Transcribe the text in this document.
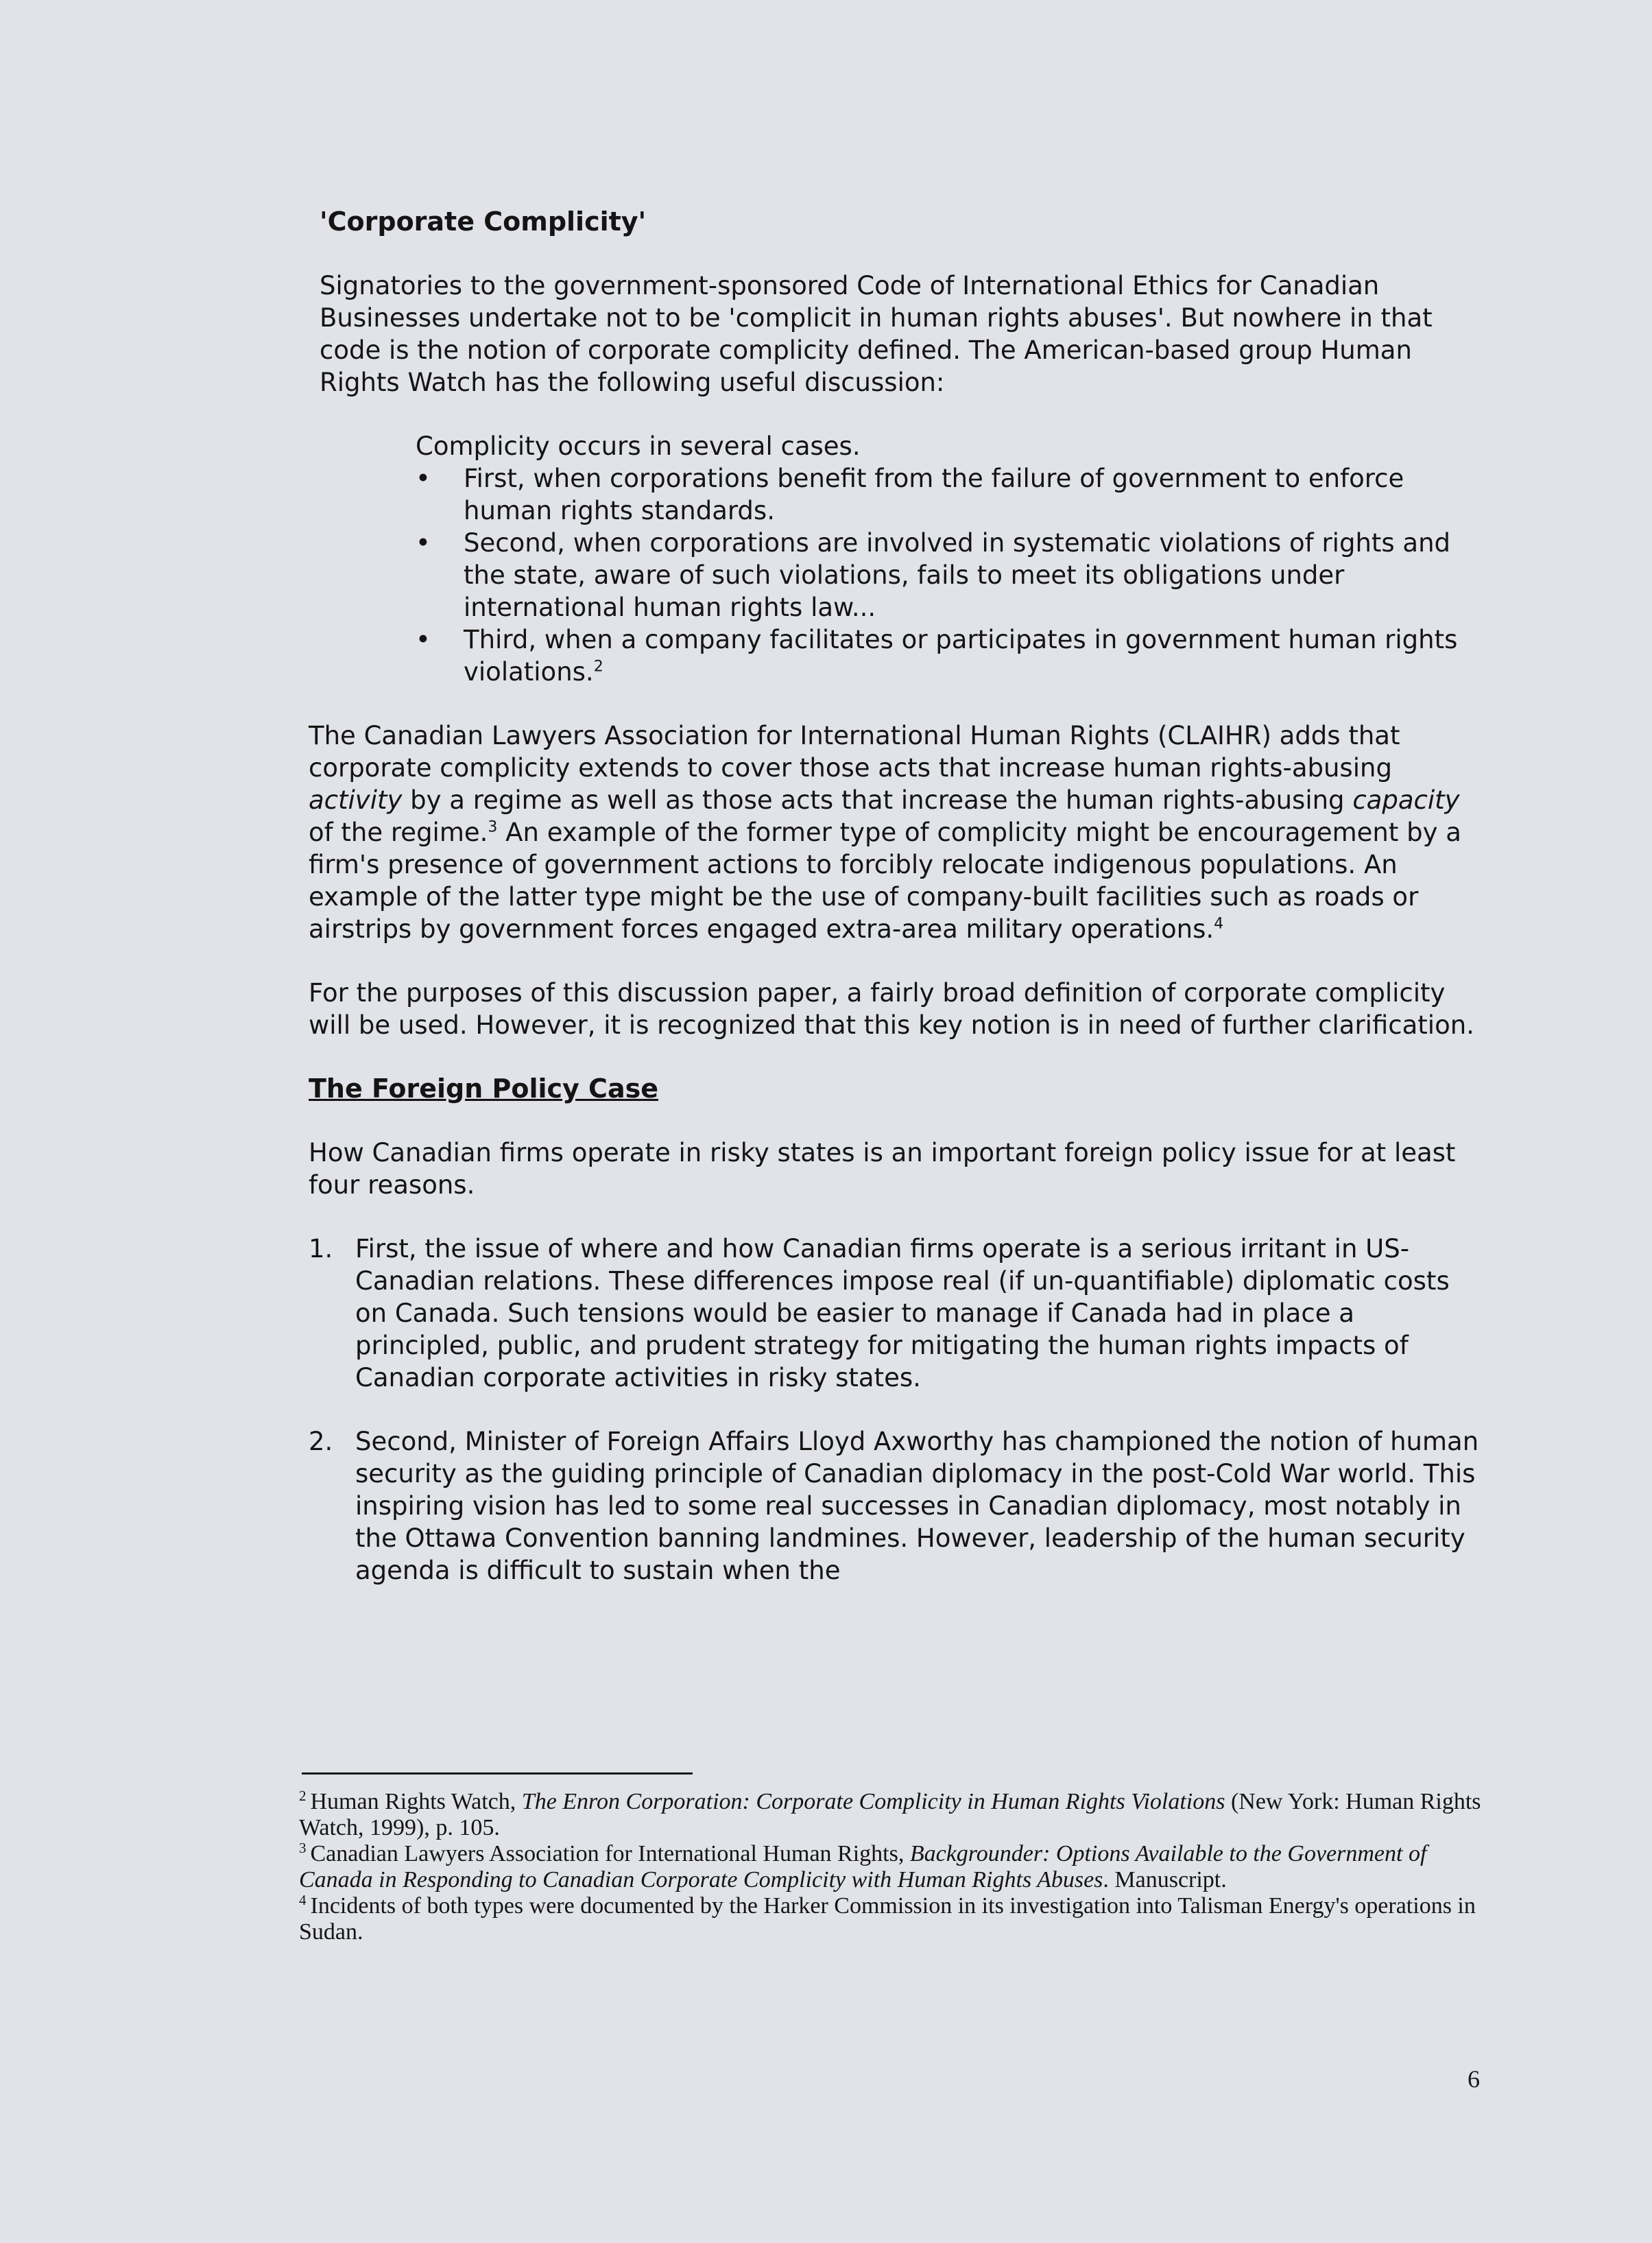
'Corporate Complicity'

Signatories to the government-sponsored Code of International Ethics for Canadian Businesses undertake not to be 'complicit in human rights abuses'. But nowhere in that code is the notion of corporate complicity defined. The American-based group Human Rights Watch has the following useful discussion:

Complicity occurs in several cases.

•	First, when corporations benefit from the failure of government to enforce human rights standards.
•	Second, when corporations are involved in systematic violations of rights and the state, aware of such violations, fails to meet its obligations under international human rights law...
•	Third, when a company facilitates or participates in government human rights violations.$^2$

The Canadian Lawyers Association for International Human Rights (CLAIHR) adds that corporate complicity extends to cover those acts that increase human rights-abusing activity by a regime as well as those acts that increase the human rights-abusing capacity of the regime.$^3$ An example of the former type of complicity might be encouragement by a firm's presence of government actions to forcibly relocate indigenous populations. An example of the latter type might be the use of company-built facilities such as roads or airstrips by government forces engaged extra-area military operations.$^4$

For the purposes of this discussion paper, a fairly broad definition of corporate complicity will be used. However, it is recognized that this key notion is in need of further clarification.

The Foreign Policy Case

How Canadian firms operate in risky states is an important foreign policy issue for at least four reasons.

1. First, the issue of where and how Canadian firms operate is a serious irritant in US-Canadian relations. These differences impose real (if un-quantifiable) diplomatic costs on Canada. Such tensions would be easier to manage if Canada had in place a principled, public, and prudent strategy for mitigating the human rights impacts of Canadian corporate activities in risky states.
2. Second, Minister of Foreign Affairs Lloyd Axworthy has championed the notion of human security as the guiding principle of Canadian diplomacy in the post-Cold War world. This inspiring vision has led to some real successes in Canadian diplomacy, most notably in the Ottawa Convention banning landmines. However, leadership of the human security agenda is difficult to sustain when the

$^2$ Human Rights Watch, The Enron Corporation: Corporate Complicity in Human Rights Violations (New York: Human Rights Watch, 1999), p. 105.

$^3$ Canadian Lawyers Association for International Human Rights, Backgrounder: Options Available to the Government of Canada in Responding to Canadian Corporate Complicity with Human Rights Abuses. Manuscript.

$^4$ Incidents of both types were documented by the Harker Commission in its investigation into Talisman Energy's operations in Sudan.

6
